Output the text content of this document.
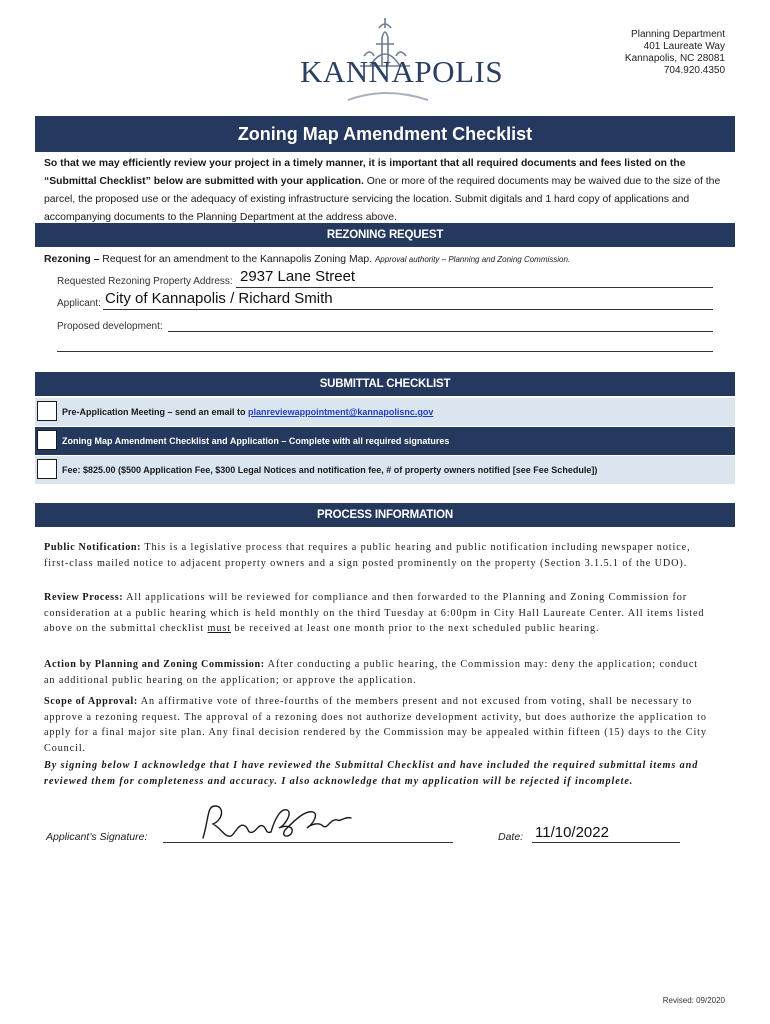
KANNAPOLIS
Planning Department
401 Laureate Way
Kannapolis, NC 28081
704.920.4350
Zoning Map Amendment Checklist
So that we may efficiently review your project in a timely manner, it is important that all required documents and fees listed on the “Submittal Checklist” below are submitted with your application. One or more of the required documents may be waived due to the size of the parcel, the proposed use or the adequacy of existing infrastructure servicing the location. Submit digitals and 1 hard copy of applications and accompanying documents to the Planning Department at the address above.
REZONING REQUEST
Rezoning – Request for an amendment to the Kannapolis Zoning Map. Approval authority – Planning and Zoning Commission.
Requested Rezoning Property Address: 2937 Lane Street
Applicant: City of Kannapolis / Richard Smith
Proposed development:
SUBMITTAL CHECKLIST
Pre-Application Meeting – send an email to planreviewappointment@kannapolisnc.gov
Zoning Map Amendment Checklist and Application – Complete with all required signatures
Fee: $825.00 ($500 Application Fee, $300 Legal Notices and notification fee, # of property owners notified [see Fee Schedule])
PROCESS INFORMATION
Public Notification: This is a legislative process that requires a public hearing and public notification including newspaper notice, first-class mailed notice to adjacent property owners and a sign posted prominently on the property (Section 3.1.5.1 of the UDO).
Review Process: All applications will be reviewed for compliance and then forwarded to the Planning and Zoning Commission for consideration at a public hearing which is held monthly on the third Tuesday at 6:00pm in City Hall Laureate Center. All items listed above on the submittal checklist must be received at least one month prior to the next scheduled public hearing.
Action by Planning and Zoning Commission: After conducting a public hearing, the Commission may: deny the application; conduct an additional public hearing on the application; or approve the application.
Scope of Approval: An affirmative vote of three-fourths of the members present and not excused from voting, shall be necessary to approve a rezoning request. The approval of a rezoning does not authorize development activity, but does authorize the application to apply for a final major site plan. Any final decision rendered by the Commission may be appealed within fifteen (15) days to the City Council.
By signing below I acknowledge that I have reviewed the Submittal Checklist and have included the required submittal items and reviewed them for completeness and accuracy. I also acknowledge that my application will be rejected if incomplete.
Applicant’s Signature:	Date: 11/10/2022
Revised: 09/2020
